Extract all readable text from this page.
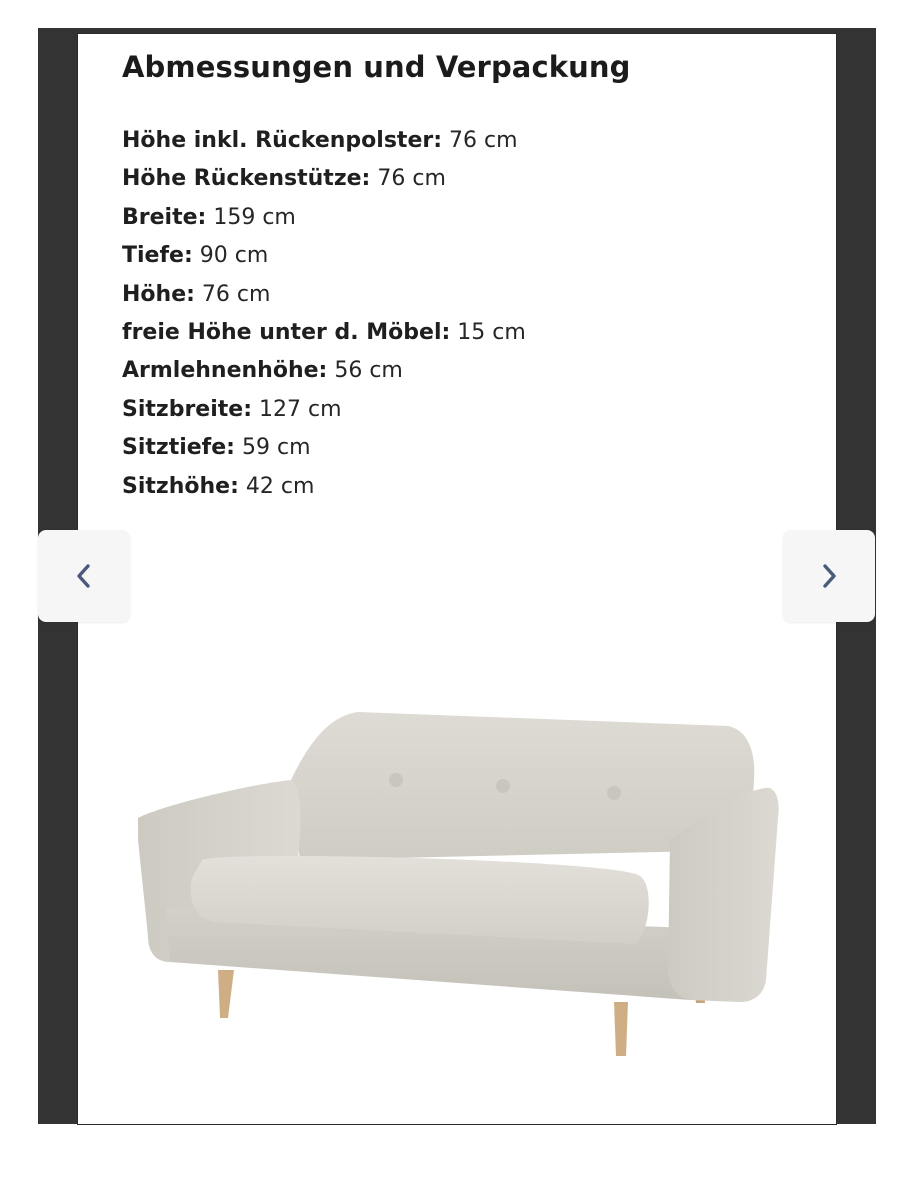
Abmessungen und Verpackung
Höhe inkl. Rückenpolster: 76 cm
Höhe Rückenstütze: 76 cm
Breite: 159 cm
Tiefe: 90 cm
Höhe: 76 cm
freie Höhe unter d. Möbel: 15 cm
Armlehnenhöhe: 56 cm
Sitzbreite: 127 cm
Sitztiefe: 59 cm
Sitzhöhe: 42 cm
